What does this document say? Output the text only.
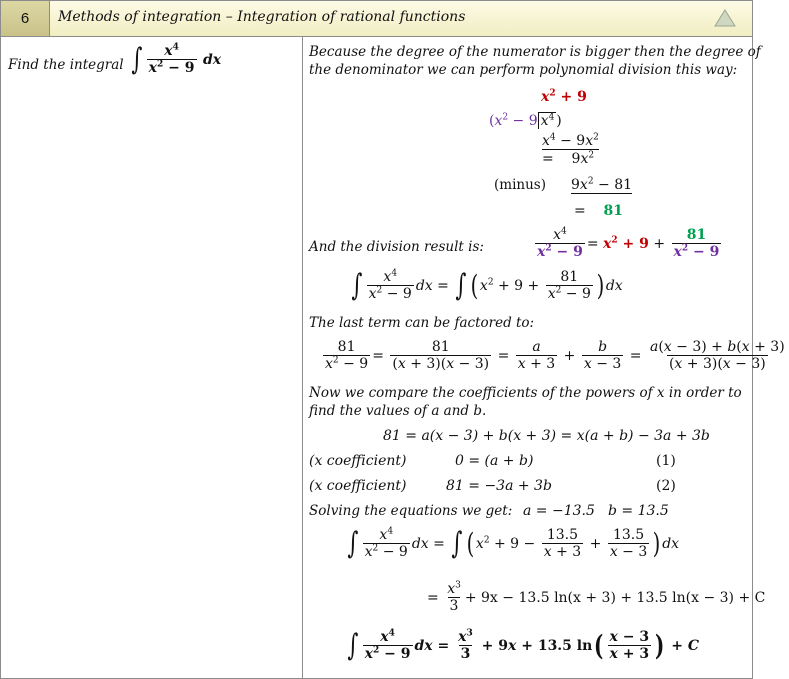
6	Methods of integration – Integration of rational functions
Find the integral ∫ $\frac{x^4}{x^2 - 9}$ dx	Because the degree of the numerator is bigger then the degree of
the denominator we can perform polynomial division this way:
$x^2 + 9$
($x^2 - 9$ $x^4$ )
$x^4 - 9x^2$
=    $9x^2$
(minus) $9x^2 - 81$
=    81
And the division result is:	$\frac{x^4}{x^2 - 9} = x^2 + 9 + \frac{81}{x^2 - 9}$
∫ $\frac{x^4}{x^2 - 9}$ dx = ∫ ( $x^2 + 9 + \frac{81}{x^2 - 9}$ ) dx
The last term can be factored to:
$\frac{81}{x^2 - 9} = \frac{81}{(x + 3)(x - 3)} = \frac{a}{x + 3} + \frac{b}{x - 3} = \frac{a(x - 3) + b(x + 3)}{(x + 3)(x - 3)}$
Now we compare the coefficients of the powers of x in order to
find the values of a and b.
81 = a(x − 3) + b(x + 3) = x(a + b) − 3a + 3b
(x coefficient)	0 = (a + b)	(1)
(x coefficient)	81 = −3a + 3b	(2)
Solving the equations we get: a = −13.5 b = 13.5
∫ $\frac{x^4}{x^2 - 9}$ dx = ∫ ( $x^2 + 9 - \frac{13.5}{x + 3} + \frac{13.5}{x - 3}$ ) dx
= $\frac{x^3}{3} + 9x - 13.5$ ln(x + 3) + 13.5 ln(x − 3) + C
∫ $\frac{x^4}{x^2 - 9}$ dx = $\frac{x^3}{3} + 9x + 13.5$ $\ln( \frac{x - 3}{x + 3}$ ) + C
